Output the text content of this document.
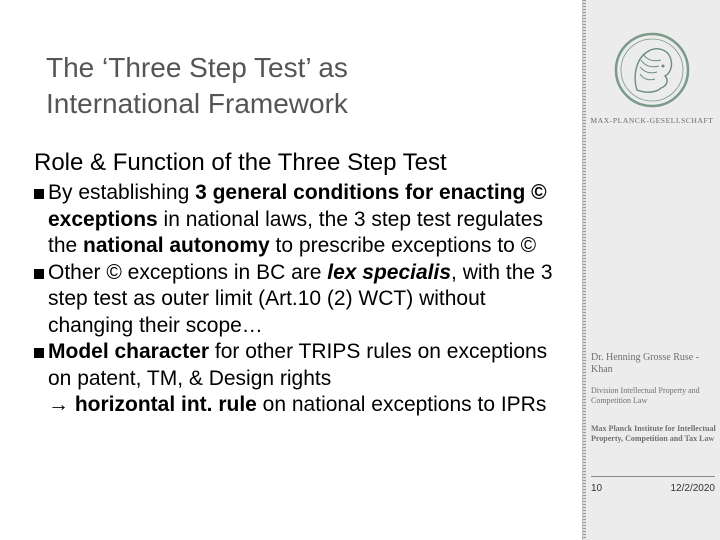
The ‘Three Step Test’ as
International Framework
Role & Function of the Three Step Test
By establishing 3 general conditions for enacting © exceptions in national laws, the 3 step test regulates the national autonomy to prescribe exceptions to ©
Other © exceptions in BC are lex specialis, with the 3 step test as outer limit (Art.10 (2) WCT) without changing their scope…
Model character for other TRIPS rules on exceptions on patent, TM, & Design rights
→ horizontal int. rule on national exceptions to IPRs
MAX-PLANCK-GESELLSCHAFT
Dr. Henning Grosse Ruse - Khan
Division Intellectual Property and Competition Law
Max Planck Institute for Intellectual Property, Competition and Tax Law
10	12/2/2020
